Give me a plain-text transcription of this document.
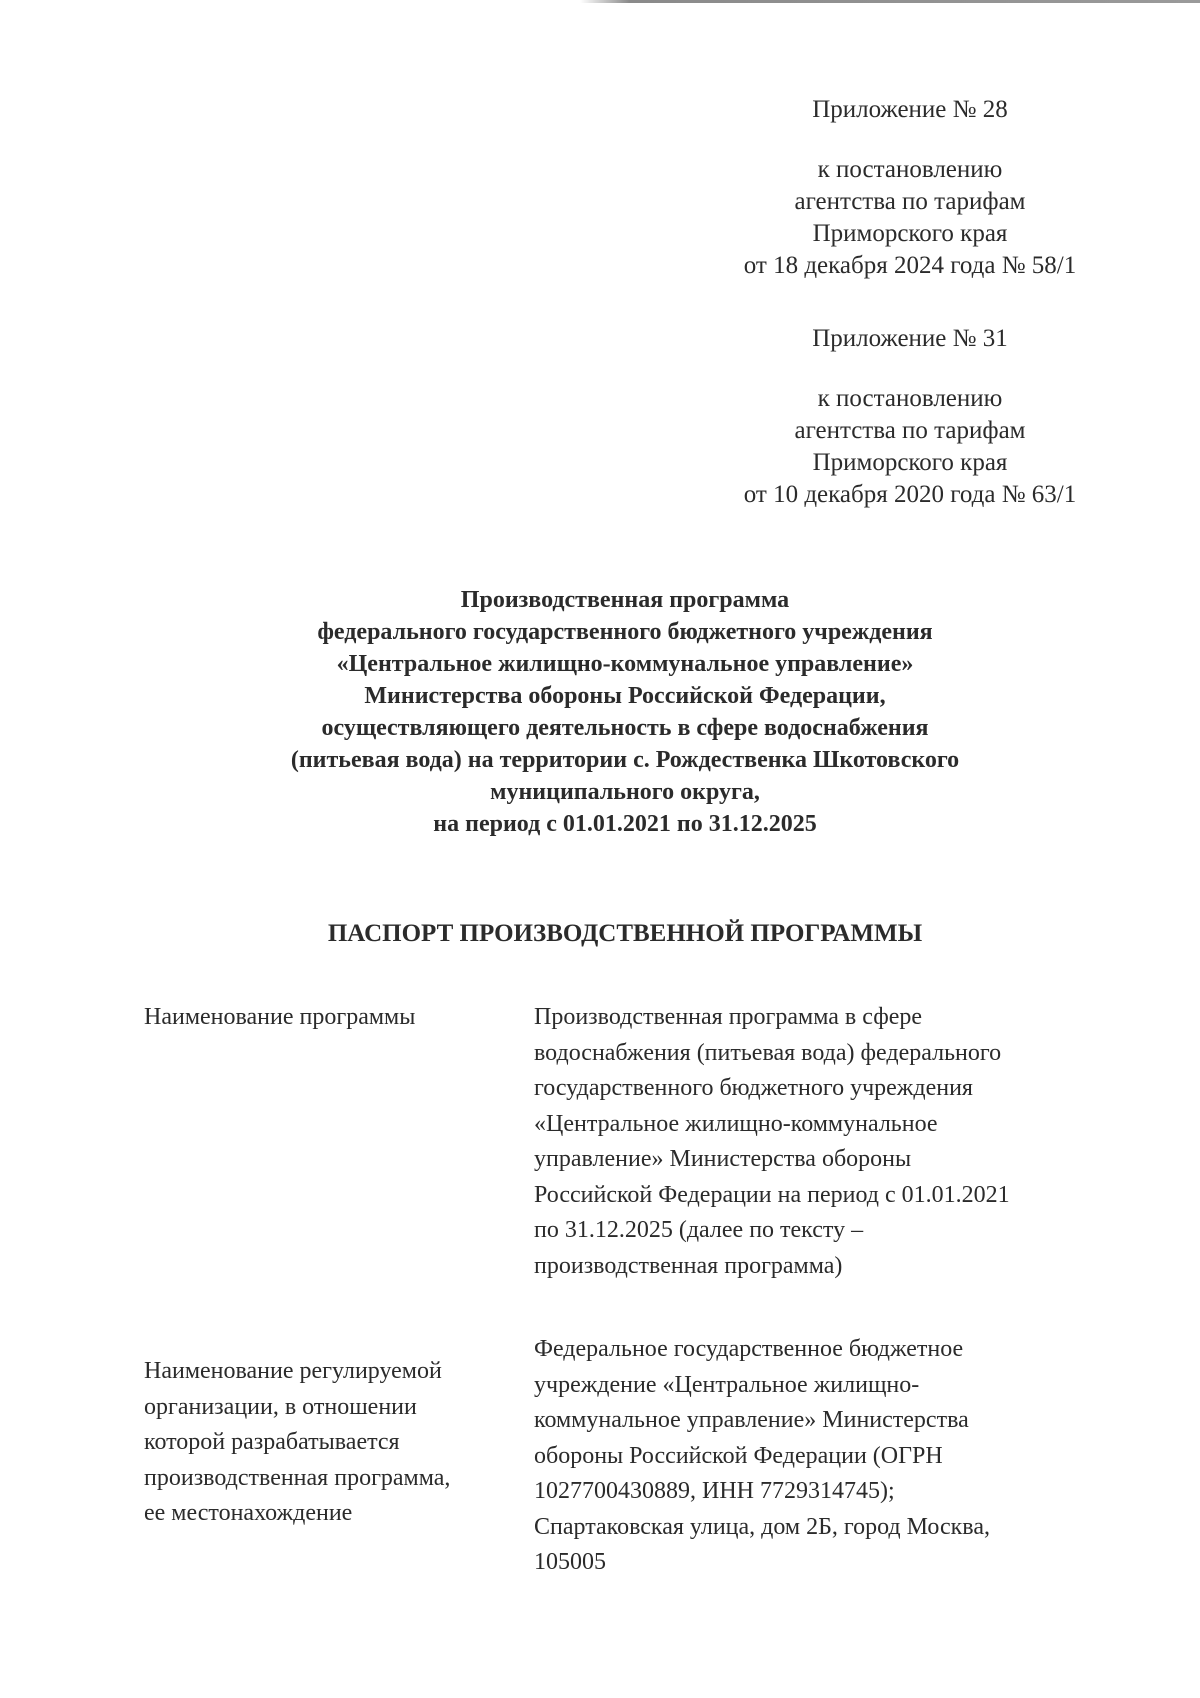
Приложение № 28

к постановлению
агентства по тарифам
Приморского края
от 18 декабря 2024 года № 58/1

Приложение № 31

к постановлению
агентства по тарифам
Приморского края
от 10 декабря 2020 года № 63/1

Производственная программа
федерального государственного бюджетного учреждения
«Центральное жилищно-коммунальное управление»
Министерства обороны Российской Федерации,
осуществляющего деятельность в сфере водоснабжения
(питьевая вода) на территории с. Рождественка Шкотовского
муниципального округа,
на период с 01.01.2021 по 31.12.2025
ПАСПОРТ ПРОИЗВОДСТВЕННОЙ ПРОГРАММЫ
Наименование программы	Производственная программа в сфере
водоснабжения (питьевая вода) федерального
государственного бюджетного учреждения
«Центральное жилищно-коммунальное
управление» Министерства обороны
Российской Федерации на период с 01.01.2021
по 31.12.2025 (далее по тексту –
производственная программа)
Наименование регулируемой
организации, в отношении
которой разрабатывается
производственная программа,
ее местонахождение
Федеральное государственное бюджетное
учреждение «Центральное жилищно-
коммунальное управление» Министерства
обороны Российской Федерации (ОГРН
1027700430889, ИНН 7729314745);
Спартаковская улица, дом 2Б, город Москва,
105005
